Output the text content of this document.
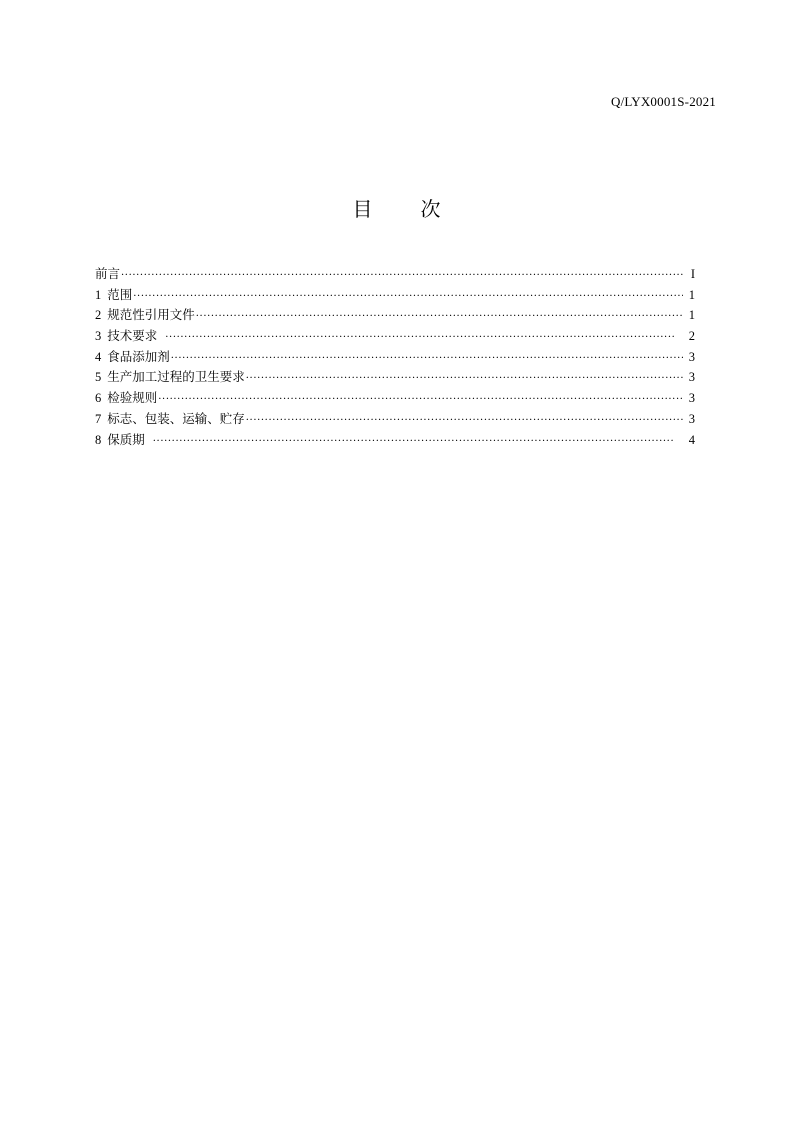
Q/LYX0001S-2021
目 次
前言 ·····	I
1 范围 ·····	1
2 规范性引用文件 ·····	1
3 技术要求 ·····	2
4 食品添加剂 ·····	3
5 生产加工过程的卫生要求 ·····	3
6 检验规则 ·····	3
7 标志、包装、运输、贮存 ·····	3
8 保质期 ·····	4
